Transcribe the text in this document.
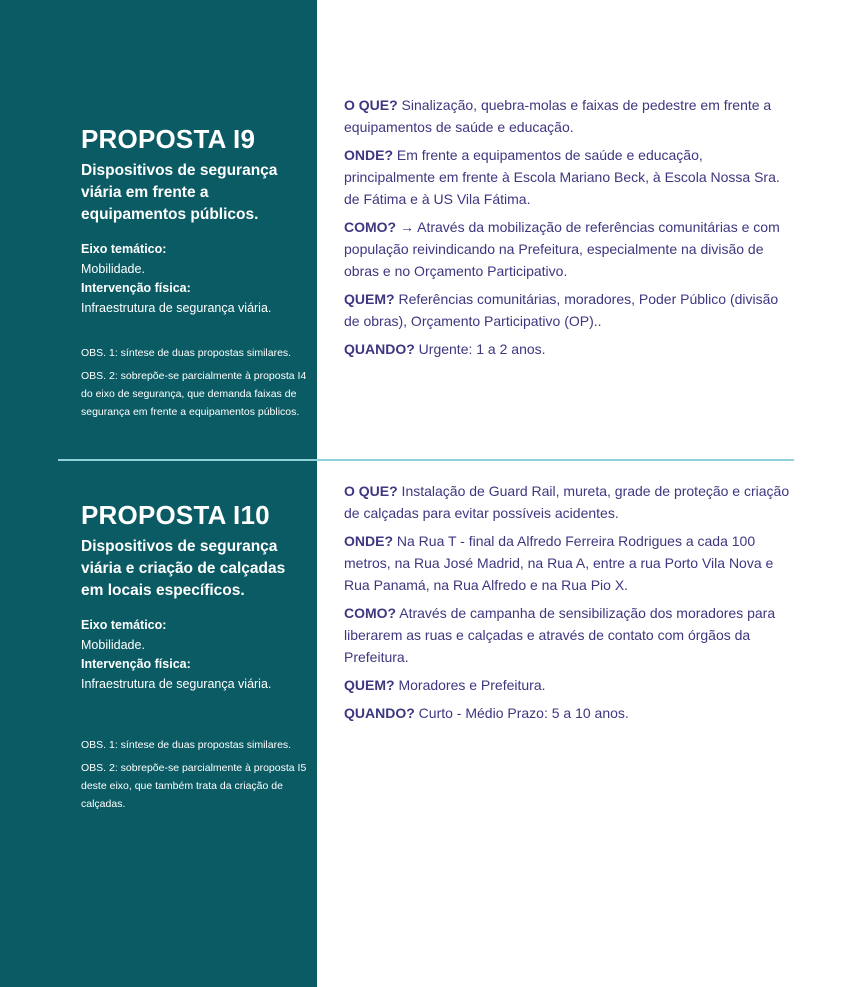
PROPOSTA I9

Dispositivos de segurança viária em frente a equipamentos públicos.

Eixo temático:
Mobilidade.
Intervenção física:
Infraestrutura de segurança viária.

OBS. 1: síntese de duas propostas similares.

OBS. 2: sobrepõe-se parcialmente à proposta I4 do eixo de segurança, que demanda faixas de segurança em frente a equipamentos públicos.

O QUE? Sinalização, quebra-molas e faixas de pedestre em frente a equipamentos de saúde e educação.

ONDE? Em frente a equipamentos de saúde e educação, principalmente em frente à Escola Mariano Beck, à Escola Nossa Sra. de Fátima e à US Vila Fátima.

COMO? → Através da mobilização de referências comunitárias e com população reivindicando na Prefeitura, especialmente na divisão de obras e no Orçamento Participativo.

QUEM? Referências comunitárias, moradores, Poder Público (divisão de obras), Orçamento Participativo (OP)..

QUANDO? Urgente: 1 a 2 anos.

PROPOSTA I10

Dispositivos de segurança viária e criação de calçadas em locais específicos.

Eixo temático:
Mobilidade.
Intervenção física:
Infraestrutura de segurança viária.

OBS. 1: síntese de duas propostas similares.

OBS. 2: sobrepõe-se parcialmente à proposta I5 deste eixo, que também trata da criação de calçadas.

O QUE? Instalação de Guard Rail, mureta, grade de proteção e criação de calçadas para evitar possíveis acidentes.

ONDE? Na Rua T - final da Alfredo Ferreira Rodrigues a cada 100 metros, na Rua José Madrid, na Rua A, entre a rua Porto Vila Nova e Rua Panamá, na Rua Alfredo e na Rua Pio X.

COMO? Através de campanha de sensibilização dos moradores para liberarem as ruas e calçadas e através de contato com órgãos da Prefeitura.

QUEM? Moradores e Prefeitura.

QUANDO? Curto - Médio Prazo: 5 a 10 anos.
